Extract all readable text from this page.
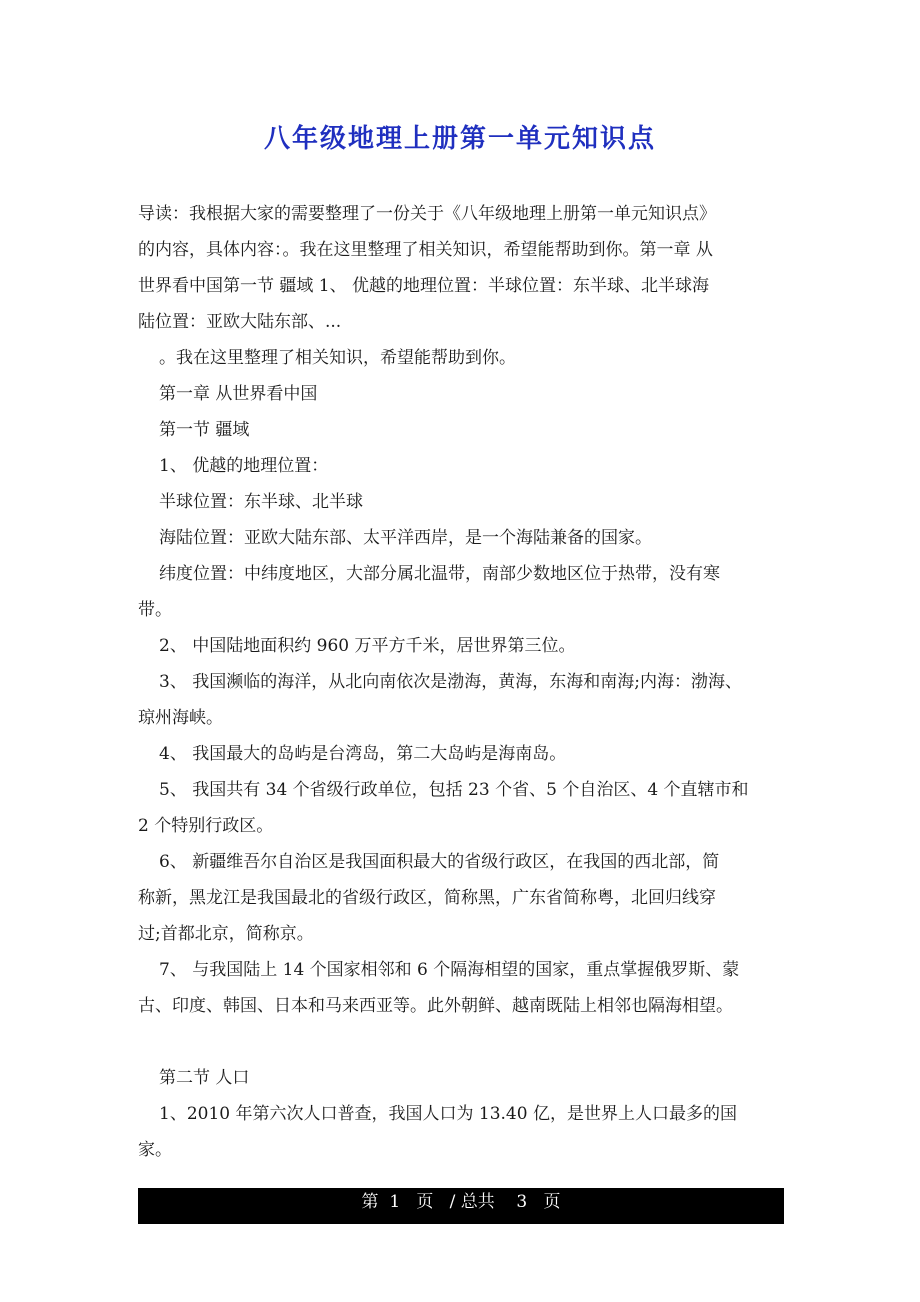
八年级地理上册第一单元知识点

导读：我根据大家的需要整理了一份关于《八年级地理上册第一单元知识点》

的内容，具体内容：。我在这里整理了相关知识，希望能帮助到你。第一章 从

世界看中国第一节 疆域 1、 优越的地理位置：半球位置：东半球、北半球海

陆位置：亚欧大陆东部、...

。我在这里整理了相关知识，希望能帮助到你。

第一章 从世界看中国

第一节 疆域

1、 优越的地理位置：

半球位置：东半球、北半球

海陆位置：亚欧大陆东部、太平洋西岸，是一个海陆兼备的国家。

纬度位置：中纬度地区，大部分属北温带，南部少数地区位于热带，没有寒

带。

2、 中国陆地面积约 960 万平方千米，居世界第三位。

3、 我国濒临的海洋，从北向南依次是渤海，黄海，东海和南海;内海：渤海、

琼州海峡。

4、 我国最大的岛屿是台湾岛，第二大岛屿是海南岛。

5、 我国共有 34 个省级行政单位，包括 23 个省、5 个自治区、4 个直辖市和

2 个特别行政区。

6、 新疆维吾尔自治区是我国面积最大的省级行政区，在我国的西北部，简

称新，黑龙江是我国最北的省级行政区，简称黑，广东省简称粤，北回归线穿

过;首都北京，简称京。

7、 与我国陆上 14 个国家相邻和 6 个隔海相望的国家，重点掌握俄罗斯、蒙

古、印度、韩国、日本和马来西亚等。此外朝鲜、越南既陆上相邻也隔海相望。

第二节 人口

1、2010 年第六次人口普查，我国人口为 13.40 亿，是世界上人口最多的国

家。

第 1 页 / 总共 3 页
